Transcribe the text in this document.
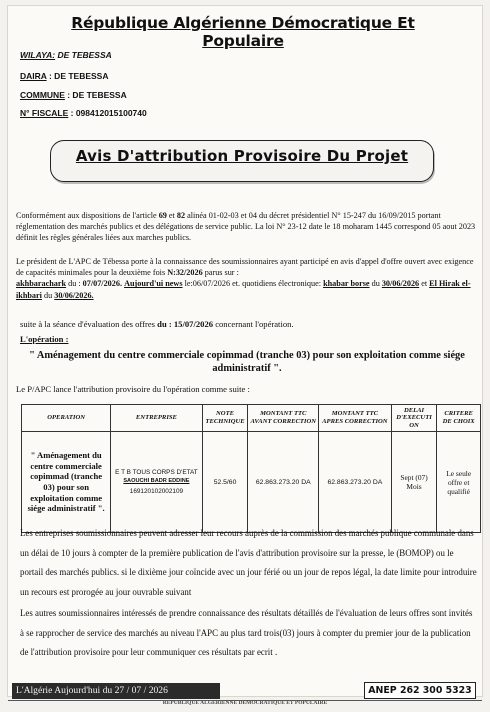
République Algérienne Démocratique Et Populaire
WILAYA: DE TEBESSA
DAIRA : DE TEBESSA
COMMUNE : DE TEBESSA
N° FISCALE : 098412015100740
Avis D'attribution Provisoire Du Projet
Conformément aux dispositions de l'article 69 et 82 alinéa 01-02-03 et 04 du décret présidentiel N° 15-247 du 16/09/2015 portant réglementation des marchés publics et des délégations de service public. La loi N° 23-12 date le 18 moharam 1445 correspond 05 aout 2023 définit les règles générales liées aux marches publics.
Le président de L'APC de Tébessa porte à la connaissance des soumissionnaires ayant participé en avis d'appel d'offre ouvert avec exigence de capacités minimales pour la deuxième fois N:32/2026 parus sur :
akhbarachark du : 07/07/2026. Aujourd'ui news le:06/07/2026 et. quotidiens électronique: khabar borse du 30/06/2026 et El Hirak el-ikhbari du 30/06/2026.
suite à la séance d'évaluation des offres du : 15/07/2026 concernant l'opération.
L'opération :
" Aménagement du centre commerciale copimmad (tranche 03) pour son exploitation comme siége administratif ".
Le P/APC lance l'attribution provisoire du l'opération comme suite :
OPERATION	ENTREPRISE	NOTE TECHNIQUE	MONTANT TTC AVANT CORRECTION	MONTANT TTC APRES CORRECTION	DELAI D'EXECUTI ON	CRITERE DE CHOIX
" Aménagement du centre commerciale copimmad (tranche 03) pour son exploitation comme siége administratif ".	E T B TOUS CORPS D'ETAT
SAOUCHI BADR EDDINE
169120102002109	52.5/60	62.863.273.20 DA	62.863.273.20 DA	Sept (07) Mois	Le seule offre et qualifié
Les entreprises soumissionnaires peuvent adresser leur recours auprès de la commission des marchés publique communale dans un délai de 10 jours à compter de la première publication de l'avis d'attribution provisoire sur la presse, le (BOMOP) ou le portail des marchés publics. si le dixième jour coïncide avec un jour férié ou un jour de repos légal, la date limite pour introduire un recours est prorogée au jour ouvrable suivant
Les autres soumissionnaires intéressés de prendre connaissance des résultats détaillés de l'évaluation de leurs offres sont invités à se rapprocher de service des marchés au niveau l'APC au plus tard trois(03) jours à compter du premier jour de la publication de l'attribution provisoire pour leur communiquer ces résultats par ecrit .
L'Algérie Aujourd'hui du 27 / 07 / 2026	ANEP 262 300 5323
REPUBLIQUE ALGERIENNE DEMOCRATIQUE ET POPULAIRE
